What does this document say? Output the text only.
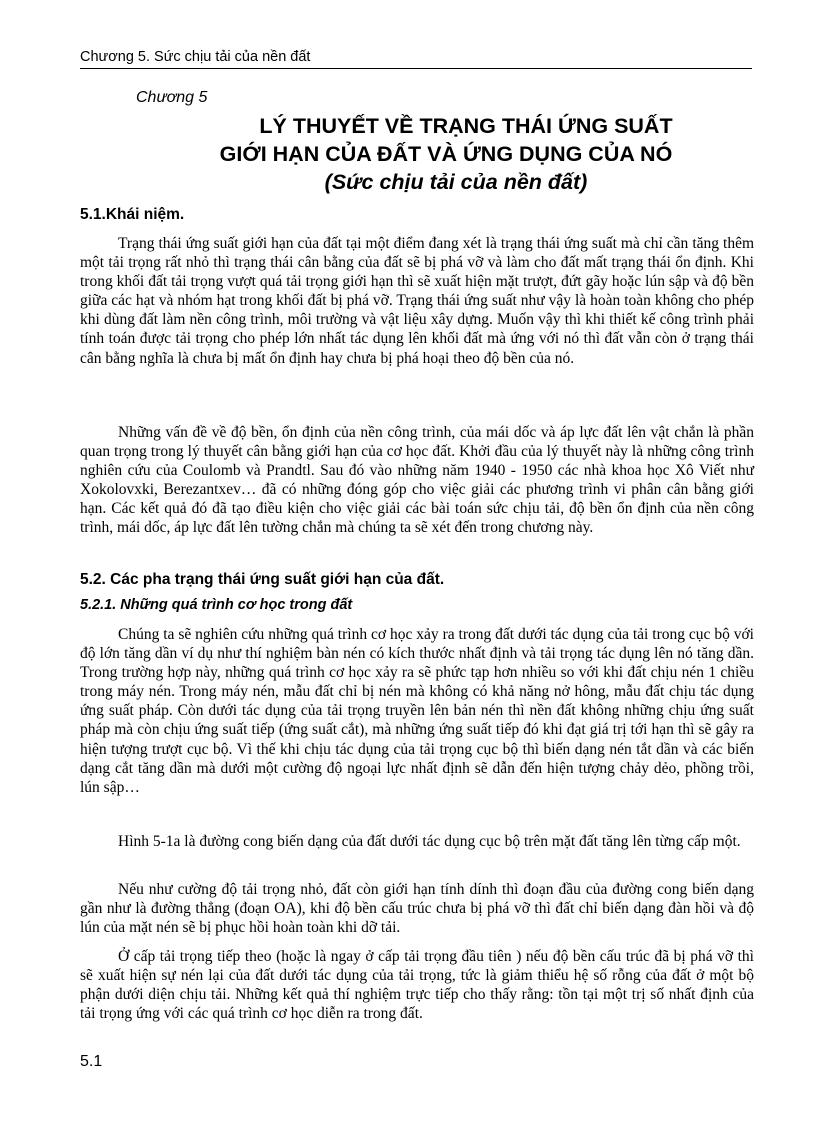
Chương 5. Sức chịu tải của nền đất
Chương 5
LÝ THUYẾT VỀ TRẠNG THÁI ỨNG SUẤT
GIỚI HẠN CỦA ĐẤT VÀ ỨNG DỤNG CỦA NÓ
(Sức chịu tải của nền đất)
5.1.Khái niệm.

Trạng thái ứng suất giới hạn của đất tại một điểm đang xét là trạng thái ứng suất mà chỉ cần tăng thêm một tải trọng rất nhỏ thì trạng thái cân bằng của đất sẽ bị phá vỡ và làm cho đất mất trạng thái ổn định. Khi trong khối đất tải trọng vượt quá tải trọng giới hạn thì sẽ xuất hiện mặt trượt, đứt gãy hoặc lún sập và độ bền giữa các hạt và nhóm hạt trong khối đất bị phá vỡ. Trạng thái ứng suất như vậy là hoàn toàn không cho phép khi dùng đất làm nền công trình, môi trường và vật liệu xây dựng. Muốn vậy thì khi thiết kế công trình phải tính toán được tải trọng cho phép lớn nhất tác dụng lên khối đất mà ứng với nó thì đất vẫn còn ở trạng thái cân bằng nghĩa là chưa bị mất ổn định hay chưa bị phá hoại theo độ bền của nó.

Những vấn đề về độ bền, ổn định của nền công trình, của mái dốc và áp lực đất lên vật chắn là phần quan trọng trong lý thuyết cân bằng giới hạn của cơ học đất. Khởi đầu của lý thuyết này là những công trình nghiên cứu của Coulomb và Prandtl. Sau đó vào những năm 1940 - 1950 các nhà khoa học Xô Viết như Xokolovxki, Berezantxev… đã có những đóng góp cho việc giải các phương trình vi phân cân bằng giới hạn. Các kết quả đó đã tạo điều kiện cho việc giải các bài toán sức chịu tải, độ bền ổn định của nền công trình, mái dốc, áp lực đất lên tường chắn mà chúng ta sẽ xét đến trong chương này.

5.2. Các pha trạng thái ứng suất giới hạn của đất.
5.2.1. Những quá trình cơ học trong đất

Chúng ta sẽ nghiên cứu những quá trình cơ học xảy ra trong đất dưới tác dụng của tải trong cục bộ với độ lớn tăng dần ví dụ như thí nghiệm bàn nén có kích thước nhất định và tải trọng tác dụng lên nó tăng dần. Trong trường hợp này, những quá trình cơ học xảy ra sẽ phức tạp hơn nhiều so với khi đất chịu nén 1 chiều trong máy nén. Trong máy nén, mẫu đất chỉ bị nén mà không có khả năng nở hông, mẫu đất chịu tác dụng ứng suất pháp. Còn dưới tác dụng của tải trọng truyền lên bản nén thì nền đất không những chịu ứng suất pháp mà còn chịu ứng suất tiếp (ứng suất cắt), mà những ứng suất tiếp đó khi đạt giá trị tới hạn thì sẽ gây ra hiện tượng trượt cục bộ. Vì thế khi chịu tác dụng của tải trọng cục bộ thì biến dạng nén tắt dần và các biến dạng cắt tăng dần mà dưới một cường độ ngoại lực nhất định sẽ dẫn đến hiện tượng chảy dẻo, phồng trồi, lún sập…

Hình 5-1a là đường cong biến dạng của đất dưới tác dụng cục bộ trên mặt đất tăng lên từng cấp một.

Nếu như cường độ tải trọng nhỏ, đất còn giới hạn tính dính thì đoạn đầu của đường cong biến dạng gần như là đường thẳng (đoạn OA), khi độ bền cấu trúc chưa bị phá vỡ thì đất chỉ biến dạng đàn hồi và độ lún của mặt nén sẽ bị phục hồi hoàn toàn khi dỡ tải.

Ở cấp tải trọng tiếp theo (hoặc là ngay ở cấp tải trọng đầu tiên ) nếu độ bền cấu trúc đã bị phá vỡ thì sẽ xuất hiện sự nén lại của đất dưới tác dụng của tải trọng, tức là giảm thiểu hệ số rỗng của đất ở một bộ phận dưới diện chịu tải. Những kết quả thí nghiệm trực tiếp cho thấy rằng: tồn tại một trị số nhất định của tải trọng ứng với các quá trình cơ học diễn ra trong đất.

5.1
